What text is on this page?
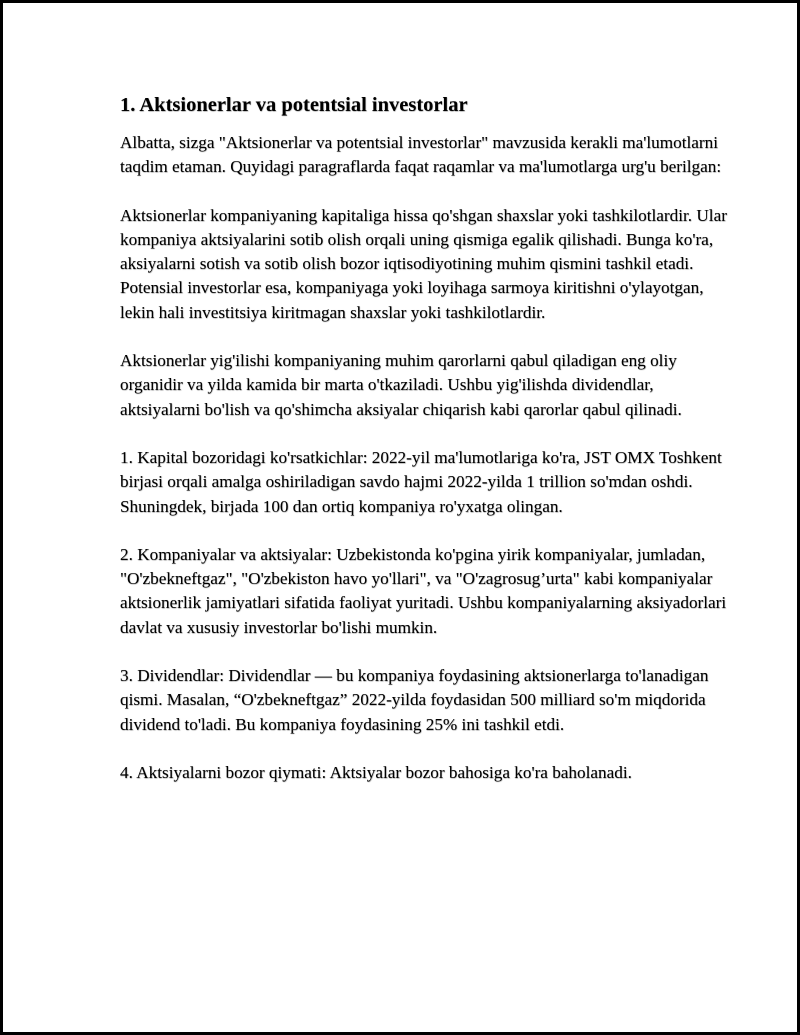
1. Aktsionerlar va potentsial investorlar

Albatta, sizga "Aktsionerlar va potentsial investorlar" mavzusida kerakli ma'lumotlarni taqdim etaman. Quyidagi paragraflarda faqat raqamlar va ma'lumotlarga urg'u berilgan:

Aktsionerlar kompaniyaning kapitaliga hissa qo'shgan shaxslar yoki tashkilotlardir. Ular kompaniya aktsiyalarini sotib olish orqali uning qismiga egalik qilishadi. Bunga ko'ra, aksiyalarni sotish va sotib olish bozor iqtisodiyotining muhim qismini tashkil etadi. Potensial investorlar esa, kompaniyaga yoki loyihaga sarmoya kiritishni o'ylayotgan, lekin hali investitsiya kiritmagan shaxslar yoki tashkilotlardir.

Aktsionerlar yig'ilishi kompaniyaning muhim qarorlarni qabul qiladigan eng oliy organidir va yilda kamida bir marta o'tkaziladi. Ushbu yig'ilishda dividendlar, aktsiyalarni bo'lish va qo'shimcha aksiyalar chiqarish kabi qarorlar qabul qilinadi.

1. Kapital bozoridagi ko'rsatkichlar: 2022-yil ma'lumotlariga ko'ra, JST OMX Toshkent birjasi orqali amalga oshiriladigan savdo hajmi 2022-yilda 1 trillion so'mdan oshdi. Shuningdek, birjada 100 dan ortiq kompaniya ro'yxatga olingan.

2. Kompaniyalar va aktsiyalar: Uzbekistonda ko'pgina yirik kompaniyalar, jumladan, "O'zbekneftgaz", "O'zbekiston havo yo'llari", va "O'zagrosug’urta" kabi kompaniyalar aktsionerlik jamiyatlari sifatida faoliyat yuritadi. Ushbu kompaniyalarning aksiyadorlari davlat va xususiy investorlar bo'lishi mumkin.

3. Dividendlar: Dividendlar — bu kompaniya foydasining aktsionerlarga to'lanadigan qismi. Masalan, “O'zbekneftgaz” 2022-yilda foydasidan 500 milliard so'm miqdorida dividend to'ladi. Bu kompaniya foydasining 25% ini tashkil etdi.

4. Aktsiyalarni bozor qiymati: Aktsiyalar bozor bahosiga ko'ra baholanadi.
